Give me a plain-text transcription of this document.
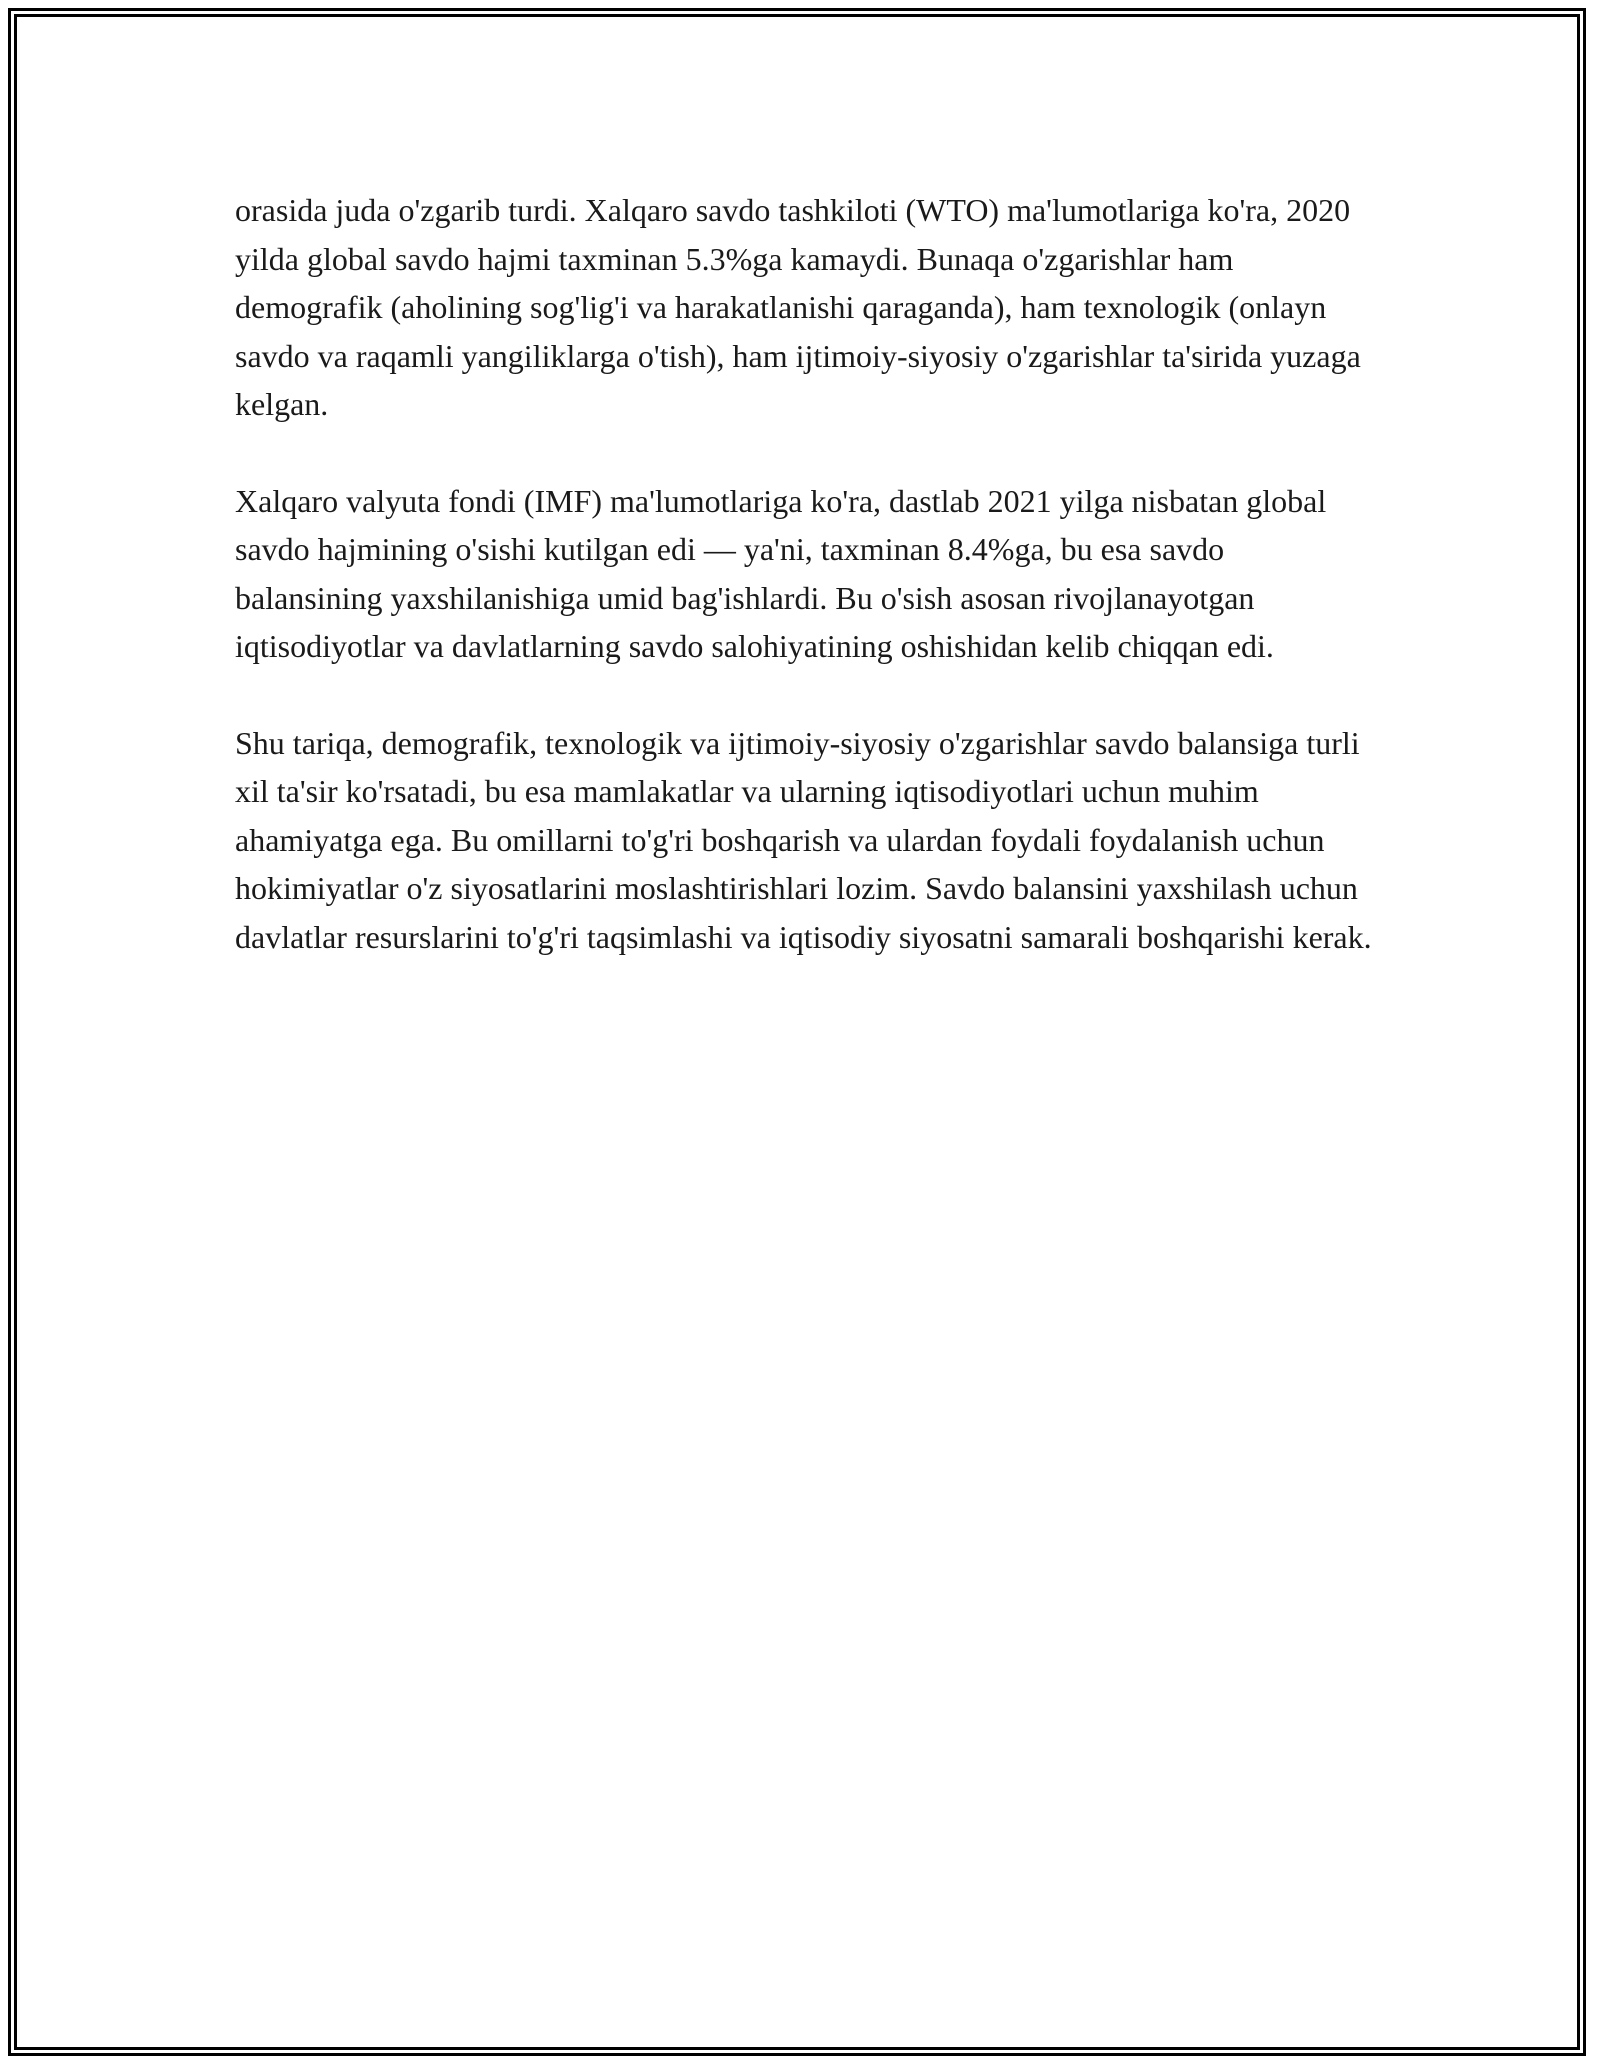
orasida juda o'zgarib turdi. Xalqaro savdo tashkiloti (WTO) ma'lumotlariga ko'ra, 2020 yilda global savdo hajmi taxminan 5.3%ga kamaydi. Bunaqa o'zgarishlar ham demografik (aholining sog'lig'i va harakatlanishi qaraganda), ham texnologik (onlayn savdo va raqamli yangiliklarga o'tish), ham ijtimoiy-siyosiy o'zgarishlar ta'sirida yuzaga kelgan.

Xalqaro valyuta fondi (IMF) ma'lumotlariga ko'ra, dastlab 2021 yilga nisbatan global savdo hajmining o'sishi kutilgan edi — ya'ni, taxminan 8.4%ga, bu esa savdo balansining yaxshilanishiga umid bag'ishlardi. Bu o'sish asosan rivojlanayotgan iqtisodiyotlar va davlatlarning savdo salohiyatining oshishidan kelib chiqqan edi.

Shu tariqa, demografik, texnologik va ijtimoiy-siyosiy o'zgarishlar savdo balansiga turli xil ta'sir ko'rsatadi, bu esa mamlakatlar va ularning iqtisodiyotlari uchun muhim ahamiyatga ega. Bu omillarni to'g'ri boshqarish va ulardan foydali foydalanish uchun hokimiyatlar o'z siyosatlarini moslashtirishlari lozim. Savdo balansini yaxshilash uchun davlatlar resurslarini to'g'ri taqsimlashi va iqtisodiy siyosatni samarali boshqarishi kerak.
